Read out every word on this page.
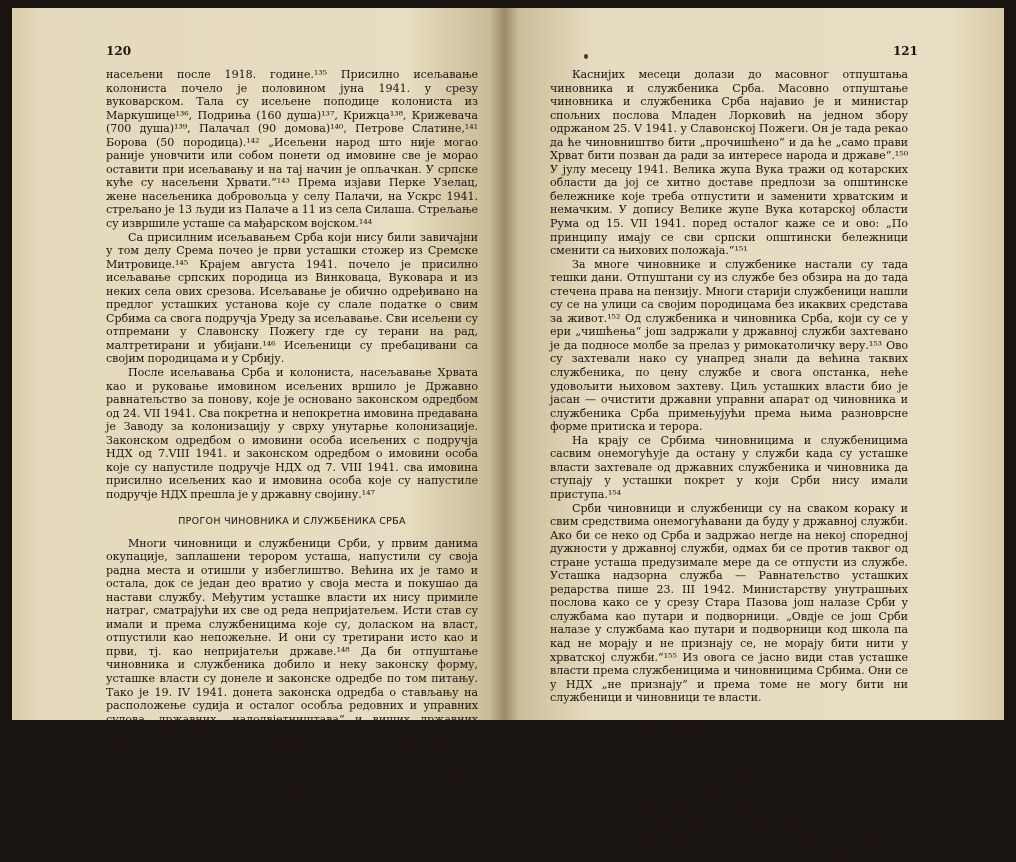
120

насељени после 1918. године.¹³⁵ Присилно исељавање колониста почело је половином јуна 1941. у срезу вуковарском. Тала су исељене поподице колониста из Маркушице¹³⁶, Подриња (160 душа)¹³⁷, Крижца¹³⁸, Крижевача (700 душа)¹³⁹, Палачал (90 домова)¹⁴⁰, Петрове Слатине,¹⁴¹ Борова (50 породица).¹⁴² „Исељени народ што није могао раније уновчити или собом понети од имовине све је морао оставити при исељавању и на тај начин је опљачкан. У српске куће су насељени Хрвати.“¹⁴³ Према изјави Перке Узелац, жене насељеника добровољца у селу Палачи, на Ускрс 1941. стрељано је 13 људи из Палаче а 11 из села Силаша. Стрељање су извршиле усташе са мађарском војском.¹⁴⁴

Са присилним исељавањем Срба који нису били завичајни у том делу Срема почео је први усташки стожер из Сремске Митровице.¹⁴⁵ Крајем августа 1941. почело је присилно исељавање српских породица из Винковаца, Вуковара и из неких села ових срезова. Исељавање је обично одређивано на предлог усташких установа које су слале податке о свим Србима са свога подручја Уреду за исељавање. Сви исељени су отпремани у Славонску Пожегу где су терани на рад, малтретирани и убијани.¹⁴⁶ Исељеници су пребацивани са својим породицама и у Србију.

После исељавања Срба и колониста, насељавање Хрвата као и руковање имовином исељених вршило је Државно равнатељство за понову, које је основано законском одредбом од 24. VII 1941. Сва покретна и непокретна имовина предавана је Заводу за колонизацију у сврху унутарње колонизације. Законском одредбом о имовини особа исељених с подручја НДХ од 7.VIII 1941. и законском одредбом о имовини особа које су напустиле подручје НДХ од 7. VIII 1941. сва имовина присилно исељених као и имовина особа које су напустиле подручје НДХ прешла је у државну својину.¹⁴⁷

ПРОГОН ЧИНОВНИКА И СЛУЖБЕНИКА СРБА

Многи чиновници и службеници Срби, у првим данима окупације, заплашени терором усташа, напустили су своја радна места и отишли у избеглиштво. Већина их је тамо и остала, док се један део вратио у своја места и покушао да настави службу. Међутим усташке власти их нису примиле натраг, сматрајући их све од реда непријатељем. Исти став су имали и према службеницима које су, доласком на власт, отпустили као непожељне. И они су третирани исто као и први, тј. као непријатељи државе.¹⁴⁸ Да би отпуштање чиновника и службеника добило и неку законску форму, усташке власти су донеле и законске одредбе по том питању. Тако је 19. IV 1941. донета законска одредба о стављању на расположење судија и осталог особља редовних и управних судова, државних „надодвјетништава“ и виших државних тужитеља. 12. VII 1941. донета је законска одредба о стављању на расположење свега особља православне струке. Према тим одредбама отпуштени су чиновници и службеници без обзира на све прописе који су до тада постојали у погледу њихове службе. Отпуштани су и без икаквог образложења.¹⁴⁹

121

Каснијих месеци долази до масовног отпуштања чиновника и службеника Срба. Масовно отпуштање чиновника и службеника Срба најавио је и министар спољних послова Младен Лорковић на једном збору одржаном 25. V 1941. у Славонској Пожеги. Он је тада рекао да ће чиновништво бити „прочишћено“ и да ће „само прави Хрват бити позван да ради за интересе народа и државе“.¹⁵⁰ У јулу месецу 1941. Велика жупа Вука тражи од котарских области да јој се хитно доставе предлози за општинске бележнике које треба отпустити и заменити хрватским и немачким. У допису Велике жупе Вука котарској области Рума од 15. VII 1941. поред осталог каже се и ово: „По принципу имају се сви српски општински бележници сменити са њихових положаја.“¹⁵¹

За многе чиновнике и службенике настали су тада тешки дани. Отпуштани су из службе без обзира на до тада стечена права на пензију. Многи старији службеници нашли су се на улици са својим породицама без икаквих средстава за живот.¹⁵² Од службеника и чиновника Срба, који су се у ери „чишћења“ још задржали у државној служби захтевано је да подносе молбе за прелаз у римокатоличку веру.¹⁵³ Ово су захтевали нако су унапред знали да већина таквих службеника, по цену службе и свога опстанка, неће удовољити њиховом захтеву. Циљ усташких власти био је јасан — очистити државни управни апарат од чиновника и службеника Срба примењујући према њима разноврсне форме притиска и терора.

На крају се Србима чиновницима и службеницима сасвим онемогућује да остану у служби када су усташке власти захтевале од државних службеника и чиновника да ступају у усташки покрет у који Срби нису имали приступа.¹⁵⁴

Срби чиновници и службеници су на сваком кораку и свим средствима онемогућавани да буду у државној служби. Ако би се неко од Срба и задржао негде на некој споредној дужности у државној служби, одмах би се против таквог од стране усташа предузимале мере да се отпусти из службе. Усташка надзорна служба — Равнатељство усташких редарства пише 23. III 1942. Министарству унутрашњих послова како се у срезу Стара Пазова још налазе Срби у службама као путари и подворници. „Овдје се још Срби налазе у службама као путари и подворници код школа па кад не морају и не признају се, не морају бити нити у хрватској служби.“¹⁵⁵ Из овога се јасно види став усташке власти према службеницима и чиновницима Србима. Они се у НДХ „не признају“ и према томе не могу бити ни службеници и чиновници те власти.

ПРОГОН ПРАВОСЛАВНОГ СВЕШТЕНСТВА

Усташко-немачки терор није заобишао ни православно свештенство у Срему. Из западних крајева Хрватске у тим првим данима окупације допирале су у Срем сталнo вести о страховитим зверствима усташа над тамошњим српским живљем и православним свештенством. Под утицајем оваквих вести, један део православних свештеника напустио је своје парохије и пребегао са породицама у Србију.¹⁵⁶ Мањи део свештенства ухапшен је и протеран заједно са
